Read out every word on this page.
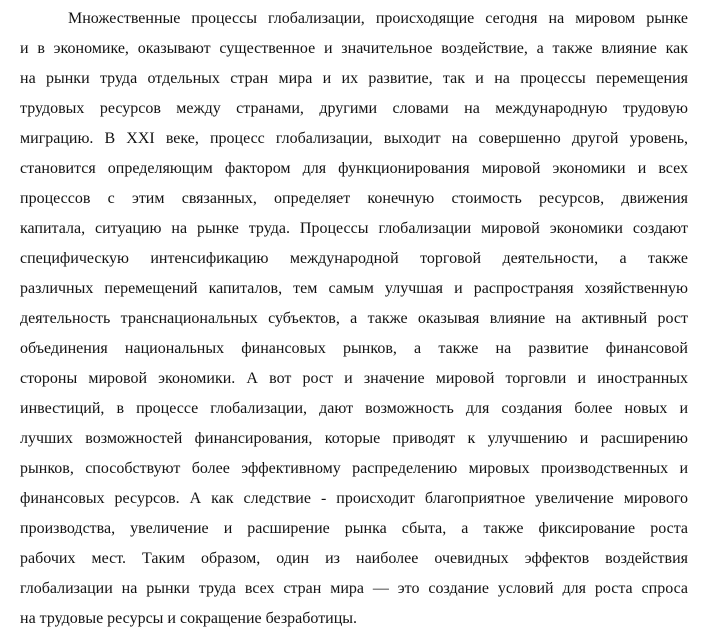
Множественные процессы глобализации, происходящие сегодня на мировом рынке
и в экономике, оказывают существенное и значительное воздействие, а также влияние как
на рынки труда отдельных стран мира и их развитие, так и на процессы перемещения
трудовых ресурсов между странами, другими словами на международную трудовую
миграцию. В XXI веке, процесс глобализации, выходит на совершенно другой уровень,
становится определяющим фактором для функционирования мировой экономики и всех
процессов с этим связанных, определяет конечную стоимость ресурсов, движения
капитала, ситуацию на рынке труда. Процессы глобализации мировой экономики создают
специфическую интенсификацию международной торговой деятельности, а также
различных перемещений капиталов, тем самым улучшая и распространяя хозяйственную
деятельность транснациональных субъектов, а также оказывая влияние на активный рост
объединения национальных финансовых рынков, а также на развитие финансовой
стороны мировой экономики. А вот рост и значение мировой торговли и иностранных
инвестиций, в процессе глобализации, дают возможность для создания более новых и
лучших возможностей финансирования, которые приводят к улучшению и расширению
рынков, способствуют более эффективному распределению мировых производственных и
финансовых ресурсов. А как следствие - происходит благоприятное увеличение мирового
производства, увеличение и расширение рынка сбыта, а также фиксирование роста
рабочих мест. Таким образом, один из наиболее очевидных эффектов воздействия
глобализации на рынки труда всех стран мира — это создание условий для роста спроса
на трудовые ресурсы и сокращение безработицы.
